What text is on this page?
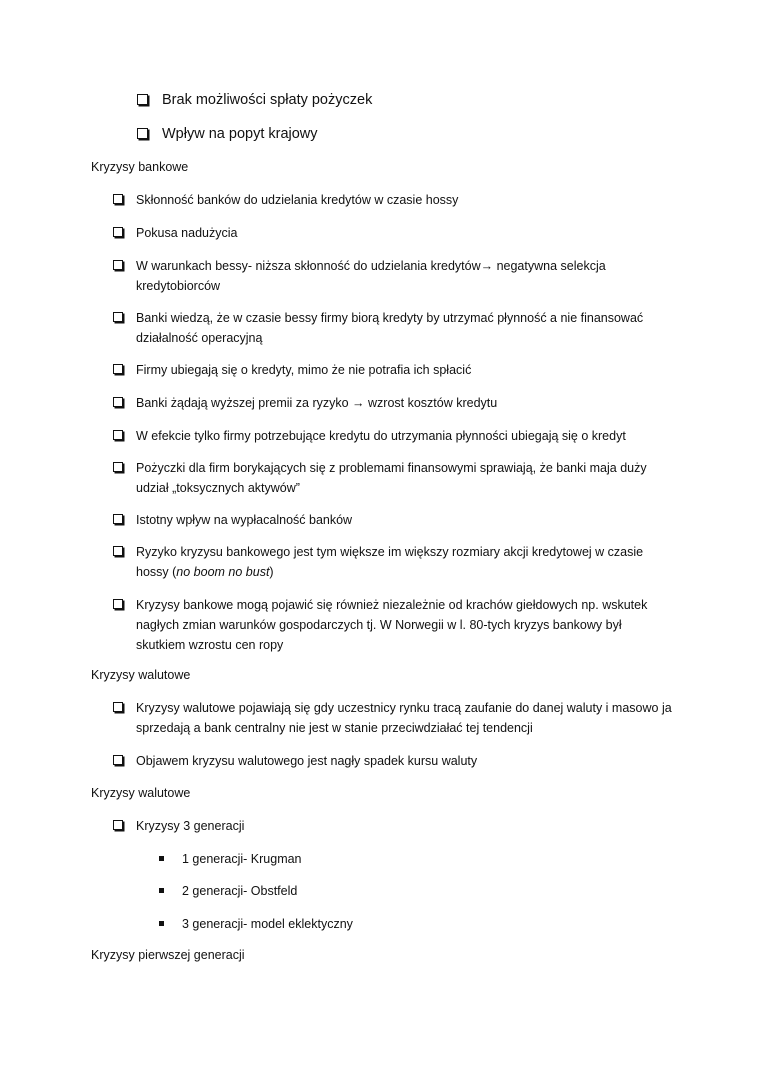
Brak możliwości spłaty pożyczek
Wpływ na popyt krajowy
Kryzysy bankowe
Skłonność banków do udzielania kredytów w czasie hossy
Pokusa nadużycia
W warunkach bessy- niższa skłonność do udzielania kredytów→ negatywna selekcja kredytobiorców
Banki wiedzą, że w czasie bessy firmy biorą kredyty by utrzymać płynność a nie finansować działalność operacyjną
Firmy ubiegają się o kredyty, mimo że nie potrafia ich spłacić
Banki żądają wyższej premii za ryzyko → wzrost kosztów kredytu
W efekcie tylko firmy potrzebujące kredytu do utrzymania płynności ubiegają się o kredyt
Pożyczki dla firm borykających się z problemami finansowymi sprawiają, że banki maja duży udział „toksycznych aktywów”
Istotny wpływ na wypłacalność banków
Ryzyko kryzysu bankowego jest tym większe im większy rozmiary akcji kredytowej w czasie hossy (no boom no bust)
Kryzysy bankowe mogą pojawić się również niezależnie od krachów giełdowych np. wskutek nagłych zmian warunków gospodarczych tj. W Norwegii w l. 80-tych kryzys bankowy był skutkiem wzrostu cen ropy
Kryzysy walutowe
Kryzysy walutowe pojawiają się gdy uczestnicy rynku tracą zaufanie do danej waluty i masowo ja sprzedają a bank centralny nie jest w stanie przeciwdziałać tej tendencji
Objawem kryzysu walutowego jest nagły spadek kursu waluty
Kryzysy walutowe
Kryzysy 3 generacji
1 generacji- Krugman
2 generacji- Obstfeld
3 generacji- model eklektyczny
Kryzysy pierwszej generacji
